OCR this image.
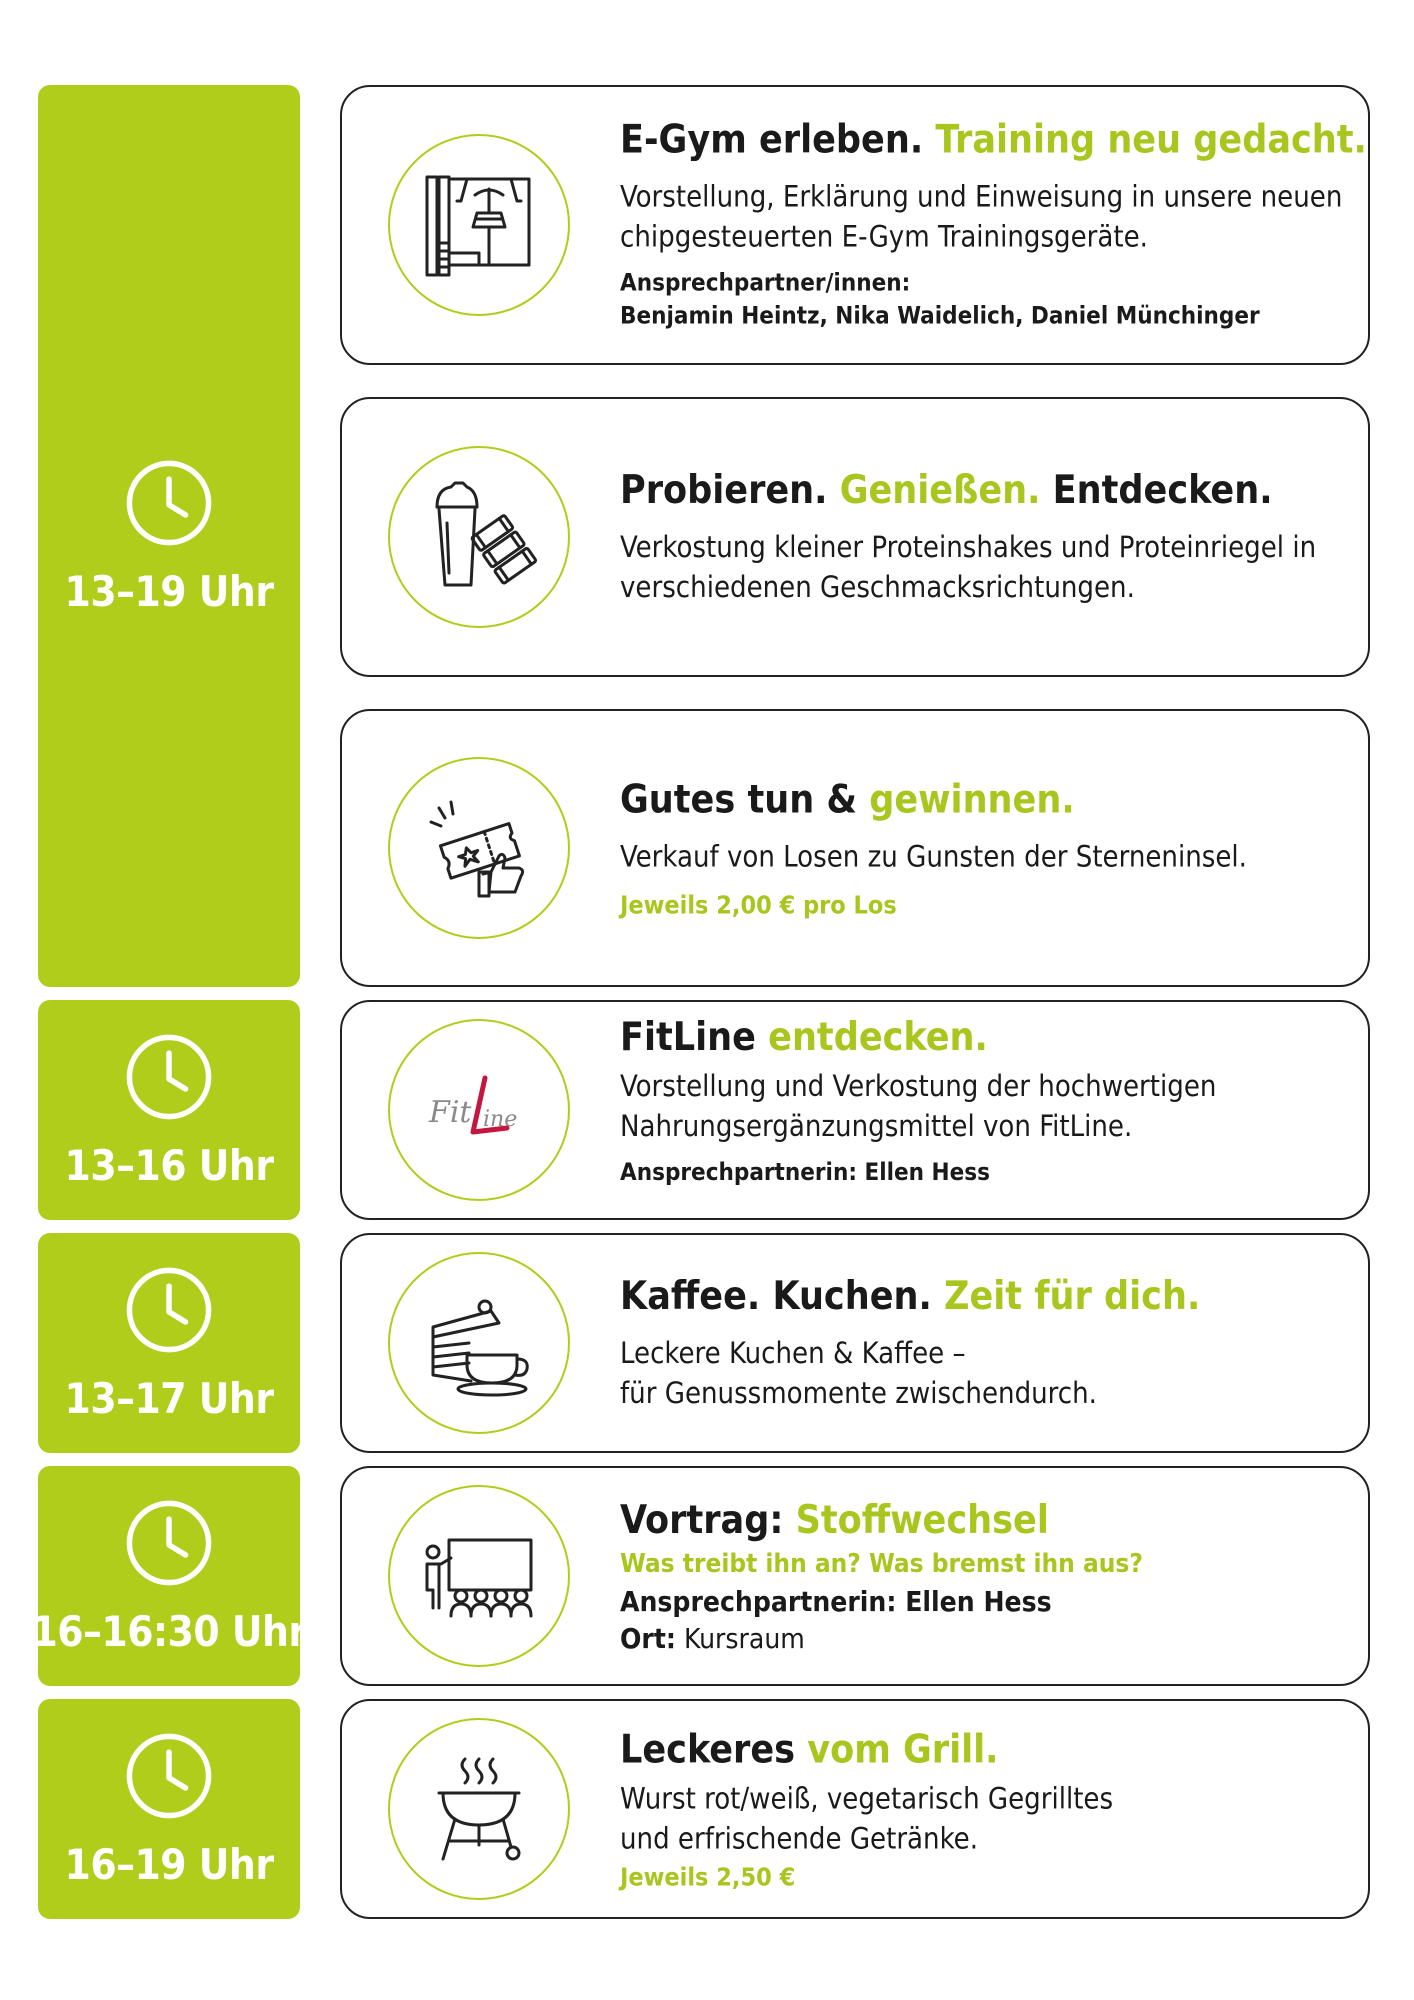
13–19 Uhr
13–16 Uhr
13–17 Uhr
16–16:30 Uhr
16–19 Uhr

E-Gym erleben. Training neu gedacht.

Vorstellung, Erklärung und Einweisung in unsere neuen chipgesteuerten E-Gym Trainingsgeräte.

Ansprechpartner/innen:
Benjamin Heintz, Nika Waidelich, Daniel Münchinger

Probieren. Genießen. Entdecken.

Verkostung kleiner Proteinshakes und Proteinriegel in verschiedenen Geschmacksrichtungen.

Gutes tun & gewinnen.

Verkauf von Losen zu Gunsten der Sterneninsel.

Jeweils 2,00 € pro Los

Fit ine

FitLine entdecken.

Vorstellung und Verkostung der hochwertigen Nahrungsergänzungsmittel von FitLine.

Ansprechpartnerin: Ellen Hess

Kaffee. Kuchen. Zeit für dich.

Leckere Kuchen & Kaffee –
für Genussmomente zwischendurch.

Vortrag: Stoffwechsel

Was treibt ihn an? Was bremst ihn aus?

Ansprechpartnerin: Ellen Hess

Ort: Kursraum

Leckeres vom Grill.

Wurst rot/weiß, vegetarisch Gegrilltes
und erfrischende Getränke.

Jeweils 2,50 €
